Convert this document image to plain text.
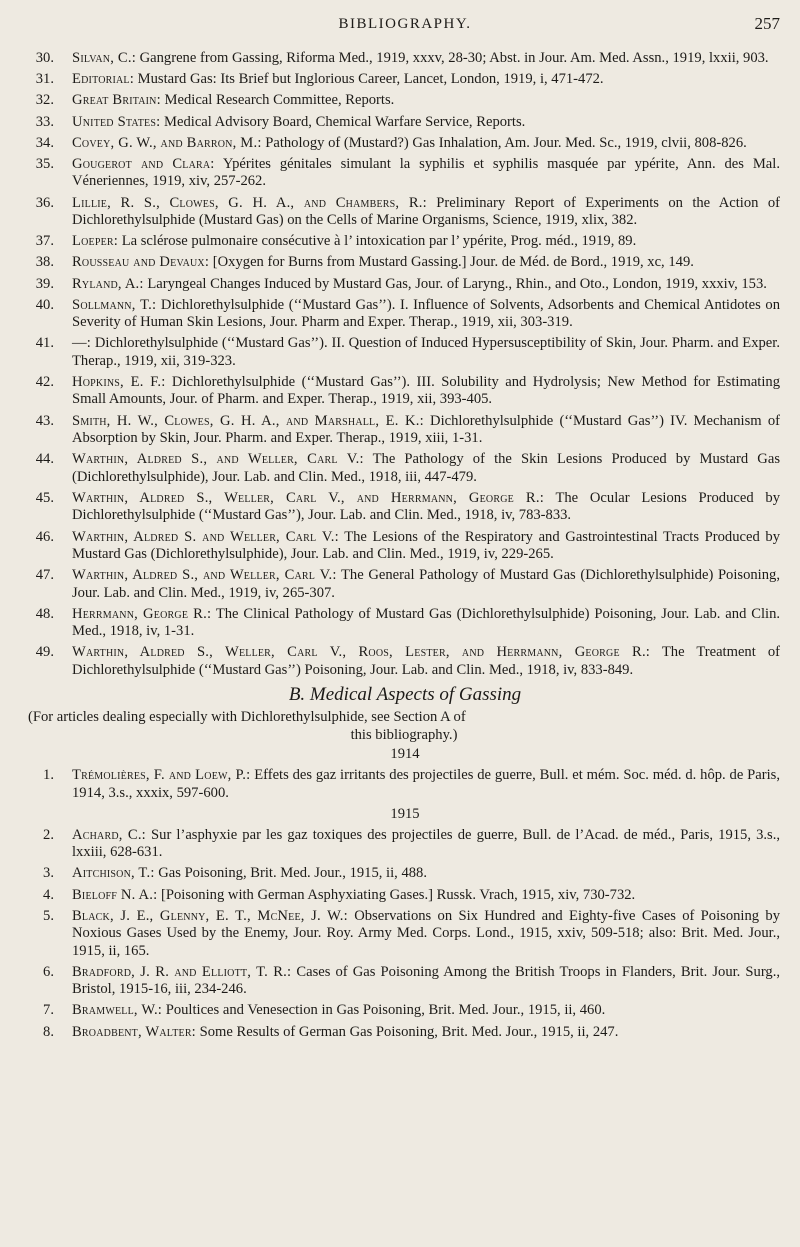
BIBLIOGRAPHY.	257
30. Silvan, C.: Gangrene from Gassing, Riforma Med., 1919, xxxv, 28-30; Abst. in Jour. Am. Med. Assn., 1919, lxxii, 903.
31. Editorial: Mustard Gas: Its Brief but Inglorious Career, Lancet, London, 1919, i, 471-472.
32. Great Britain: Medical Research Committee, Reports.
33. United States: Medical Advisory Board, Chemical Warfare Service, Reports.
34. Covey, G. W., and Barron, M.: Pathology of (Mustard?) Gas Inhalation, Am. Jour. Med. Sc., 1919, clvii, 808-826.
35. Gougerot and Clara: Ypérites génitales simulant la syphilis et syphilis masquée par ypérite, Ann. des Mal. Véneriennes, 1919, xiv, 257-262.
36. Lillie, R. S., Clowes, G. H. A., and Chambers, R.: Preliminary Report of Experiments on the Action of Dichlorethylsulphide (Mustard Gas) on the Cells of Marine Organisms, Science, 1919, xlix, 382.
37. Loeper: La sclérose pulmonaire consécutive à l’ intoxication par l’ ypérite, Prog. méd., 1919, 89.
38. Rousseau and Devaux: [Oxygen for Burns from Mustard Gassing.] Jour. de Méd. de Bord., 1919, xc, 149.
39. Ryland, A.: Laryngeal Changes Induced by Mustard Gas, Jour. of Laryng., Rhin., and Oto., London, 1919, xxxiv, 153.
40. Sollmann, T.: Dichlorethylsulphide (‘‘Mustard Gas’’). I. Influence of Solvents, Adsorbents and Chemical Antidotes on Severity of Human Skin Lesions, Jour. Pharm and Exper. Therap., 1919, xii, 303-319.
41. —: Dichlorethylsulphide (‘‘Mustard Gas’’). II. Question of Induced Hypersusceptibility of Skin, Jour. Pharm. and Exper. Therap., 1919, xii, 319-323.
42. Hopkins, E. F.: Dichlorethylsulphide (‘‘Mustard Gas’’). III. Solubility and Hydrolysis; New Method for Estimating Small Amounts, Jour. of Pharm. and Exper. Therap., 1919, xii, 393-405.
43. Smith, H. W., Clowes, G. H. A., and Marshall, E. K.: Dichlorethylsulphide (‘‘Mustard Gas’’) IV. Mechanism of Absorption by Skin, Jour. Pharm. and Exper. Therap., 1919, xiii, 1-31.
44. Warthin, Aldred S., and Weller, Carl V.: The Pathology of the Skin Lesions Produced by Mustard Gas (Dichlorethylsulphide), Jour. Lab. and Clin. Med., 1918, iii, 447-479.
45. Warthin, Aldred S., Weller, Carl V., and Herrmann, George R.: The Ocular Lesions Produced by Dichlorethylsulphide (‘‘Mustard Gas’’), Jour. Lab. and Clin. Med., 1918, iv, 783-833.
46. Warthin, Aldred S. and Weller, Carl V.: The Lesions of the Respiratory and Gastrointestinal Tracts Produced by Mustard Gas (Dichlorethylsulphide), Jour. Lab. and Clin. Med., 1919, iv, 229-265.
47. Warthin, Aldred S., and Weller, Carl V.: The General Pathology of Mustard Gas (Dichlorethylsulphide) Poisoning, Jour. Lab. and Clin. Med., 1919, iv, 265-307.
48. Herrmann, George R.: The Clinical Pathology of Mustard Gas (Dichlorethylsulphide) Poisoning, Jour. Lab. and Clin. Med., 1918, iv, 1-31.
49. Warthin, Aldred S., Weller, Carl V., Roos, Lester, and Herrmann, George R.: The Treatment of Dichlorethylsulphide (‘‘Mustard Gas’’) Poisoning, Jour. Lab. and Clin. Med., 1918, iv, 833-849.
B. Medical Aspects of Gassing
(For articles dealing especially with Dichlorethylsulphide, see Section A of
this bibliography.)
1914
1. Trémolières, F. and Loew, P.: Effets des gaz irritants des projectiles de guerre, Bull. et mém. Soc. méd. d. hôp. de Paris, 1914, 3.s., xxxix, 597-600.
1915
2. Achard, C.: Sur l’asphyxie par les gaz toxiques des projectiles de guerre, Bull. de l’Acad. de méd., Paris, 1915, 3.s., lxxiii, 628-631.
3. Aitchison, T.: Gas Poisoning, Brit. Med. Jour., 1915, ii, 488.
4. Bieloff N. A.: [Poisoning with German Asphyxiating Gases.] Russk. Vrach, 1915, xiv, 730-732.
5. Black, J. E., Glenny, E. T., McNee, J. W.: Observations on Six Hundred and Eighty-five Cases of Poisoning by Noxious Gases Used by the Enemy, Jour. Roy. Army Med. Corps. Lond., 1915, xxiv, 509-518; also: Brit. Med. Jour., 1915, ii, 165.
6. Bradford, J. R. and Elliott, T. R.: Cases of Gas Poisoning Among the British Troops in Flanders, Brit. Jour. Surg., Bristol, 1915-16, iii, 234-246.
7. Bramwell, W.: Poultices and Venesection in Gas Poisoning, Brit. Med. Jour., 1915, ii, 460.
8. Broadbent, Walter: Some Results of German Gas Poisoning, Brit. Med. Jour., 1915, ii, 247.
